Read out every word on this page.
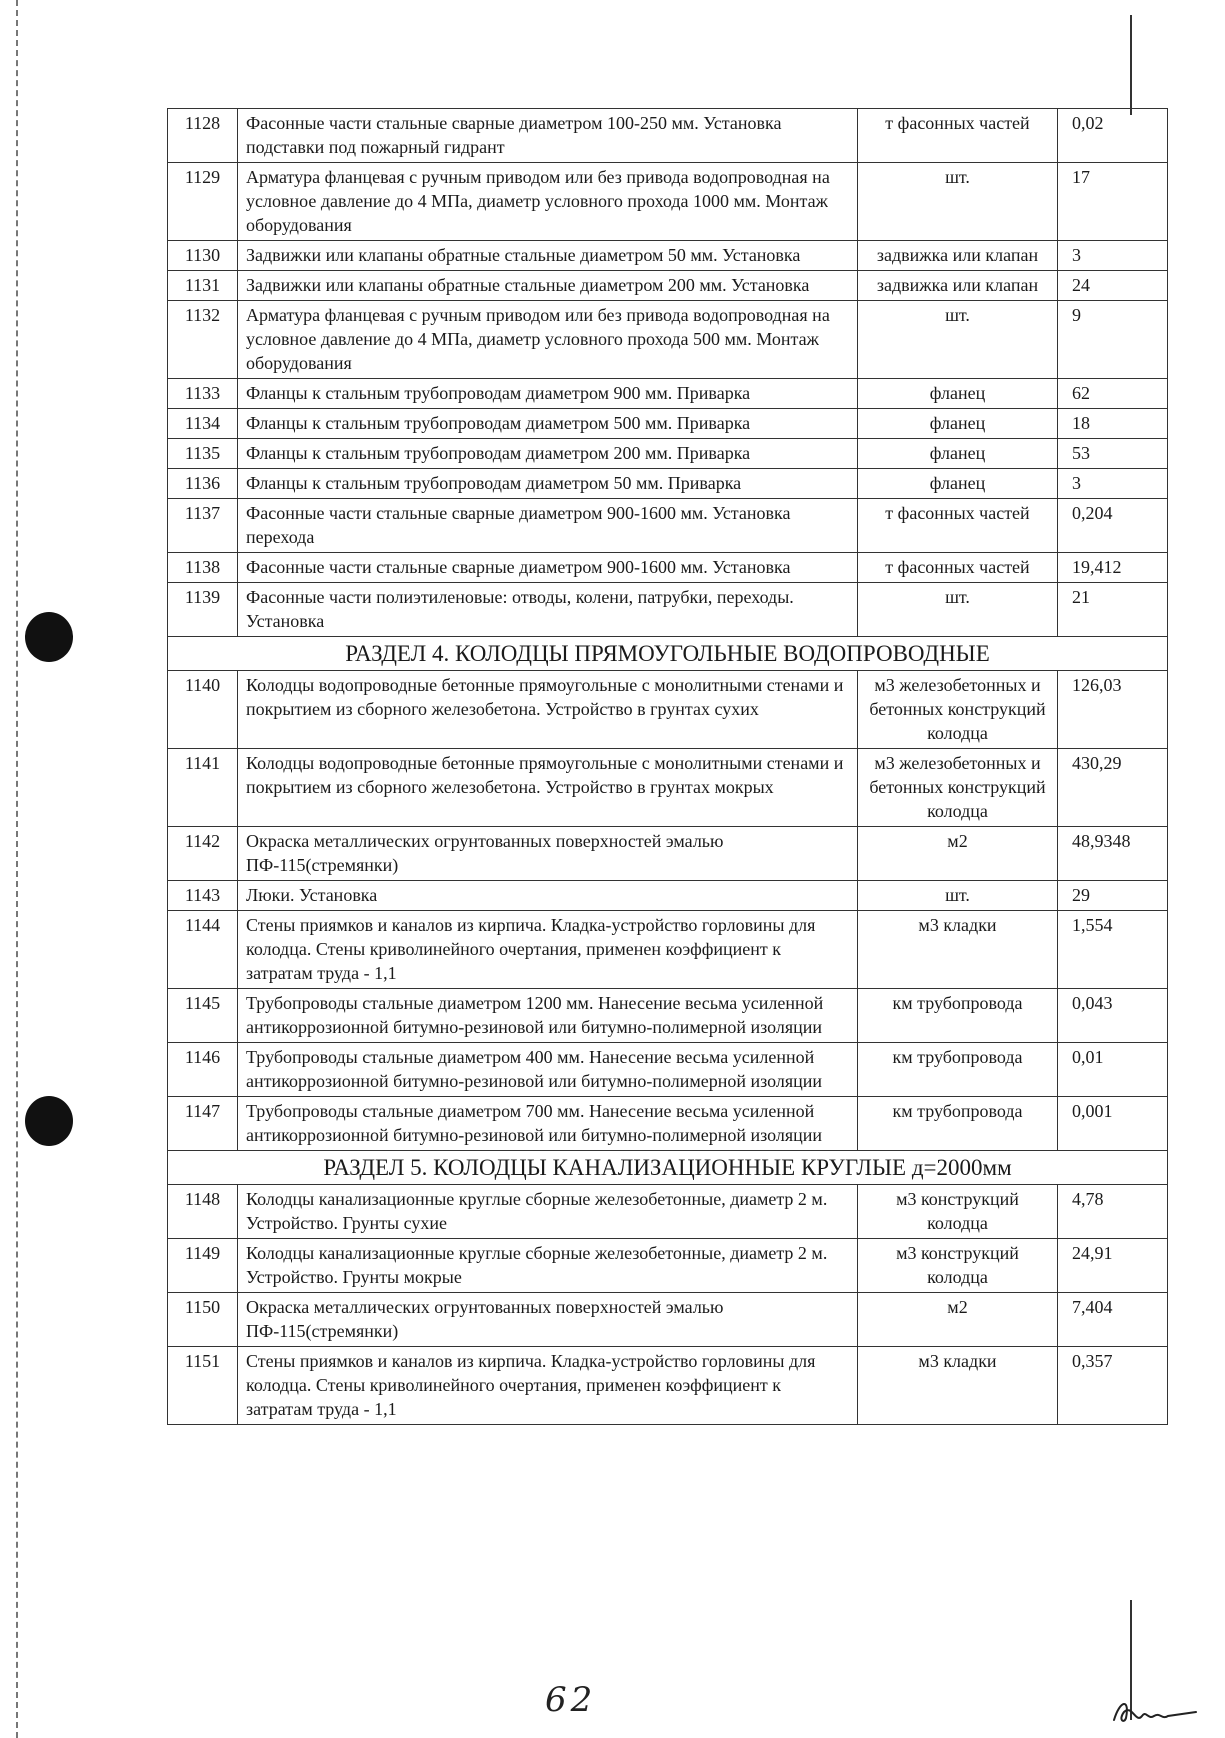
1128	Фасонные части стальные сварные диаметром 100-250 мм. Установка подставки под пожарный гидрант	т фасонных частей	0,02
1129	Арматура фланцевая с ручным приводом или без привода водопроводная на условное давление до 4 МПа, диаметр условного прохода 1000 мм. Монтаж оборудования	шт.	17
1130	Задвижки или клапаны обратные стальные диаметром 50 мм. Установка	задвижка или клапан	3
1131	Задвижки или клапаны обратные стальные диаметром 200 мм. Установка	задвижка или клапан	24
1132	Арматура фланцевая с ручным приводом или без привода водопроводная на условное давление до 4 МПа, диаметр условного прохода 500 мм. Монтаж оборудования	шт.	9
1133	Фланцы к стальным трубопроводам диаметром 900 мм. Приварка	фланец	62
1134	Фланцы к стальным трубопроводам диаметром 500 мм. Приварка	фланец	18
1135	Фланцы к стальным трубопроводам диаметром 200 мм. Приварка	фланец	53
1136	Фланцы к стальным трубопроводам диаметром 50 мм. Приварка	фланец	3
1137	Фасонные части стальные сварные диаметром 900-1600 мм. Установка перехода	т фасонных частей	0,204
1138	Фасонные части стальные сварные диаметром 900-1600 мм. Установка	т фасонных частей	19,412
1139	Фасонные части полиэтиленовые: отводы, колени, патрубки, переходы. Установка	шт.	21
РАЗДЕЛ 4. КОЛОДЦЫ ПРЯМОУГОЛЬНЫЕ ВОДОПРОВОДНЫЕ			
1140	Колодцы водопроводные бетонные прямоугольные с монолитными стенами и покрытием из сборного железобетона. Устройство в грунтах сухих	м3 железобетонных и бетонных конструкций колодца	126,03
1141	Колодцы водопроводные бетонные прямоугольные с монолитными стенами и покрытием из сборного железобетона. Устройство в грунтах мокрых	м3 железобетонных и бетонных конструкций колодца	430,29
1142	Окраска металлических огрунтованных поверхностей эмалью ПФ-115(стремянки)	м2	48,9348
1143	Люки. Установка	шт.	29
1144	Стены приямков и каналов из кирпича. Кладка-устройство горловины для колодца. Стены криволинейного очертания, применен коэффициент к затратам труда - 1,1	м3 кладки	1,554
1145	Трубопроводы стальные диаметром 1200 мм. Нанесение весьма усиленной антикоррозионной битумно-резиновой или битумно-полимерной изоляции	км трубопровода	0,043
1146	Трубопроводы стальные диаметром 400 мм. Нанесение весьма усиленной антикоррозионной битумно-резиновой или битумно-полимерной изоляции	км трубопровода	0,01
1147	Трубопроводы стальные диаметром 700 мм. Нанесение весьма усиленной антикоррозионной битумно-резиновой или битумно-полимерной изоляции	км трубопровода	0,001
РАЗДЕЛ 5. КОЛОДЦЫ КАНАЛИЗАЦИОННЫЕ КРУГЛЫЕ д=2000мм			
1148	Колодцы канализационные круглые сборные железобетонные, диаметр 2 м. Устройство. Грунты сухие	м3 конструкций колодца	4,78
1149	Колодцы канализационные круглые сборные железобетонные, диаметр 2 м. Устройство. Грунты мокрые	м3 конструкций колодца	24,91
1150	Окраска металлических огрунтованных поверхностей эмалью ПФ-115(стремянки)	м2	7,404
1151	Стены приямков и каналов из кирпича. Кладка-устройство горловины для колодца. Стены криволинейного очертания, применен коэффициент к затратам труда - 1,1	м3 кладки	0,357
62
